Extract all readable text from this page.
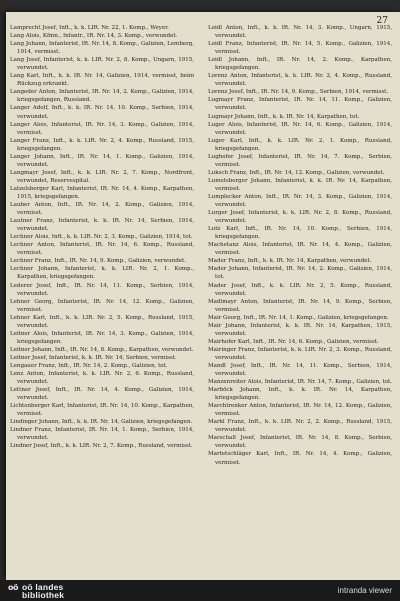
27
Lamprecht Josef, Inft., k. k. LIR. Nr. 22, 1. Komp., Weyer.
Lang Alois, Kfmn., Infantr., IR. Nr. 14, 3. Komp., verwundet.
Lang Johann, Infanterist, IR. Nr. 14, 8. Komp., Galizien, Lemberg, 1914, vermisst.
Lang Josef, Infanterist, k. k. LIR. Nr. 2, 8. Komp., Ungarn, 1915, verwundet.
Lang Karl, Inft., k. k. IR. Nr. 14, Galizien, 1914, vermisst, beim Rückzug erkrankt.
Langeder Anton, Infanterist, IR. Nr. 14, 2. Komp., Galizien, 1914, kriegsgefangen, Russland.
Langer Adolf, Inft., k. k. IR. Nr. 14, 10. Komp., Serbien, 1914, verwundet.
Langer Alois, Infanterist, IR. Nr. 14, 3. Komp., Galizien, 1914, vermisst.
Langer Franz, Inft., k. k. LIR. Nr. 2, 4. Komp., Russland, 1915, kriegsgefangen.
Langer Johann, Inft., IR. Nr. 14, 1. Komp., Galizien, 1914, verwundet.
Langmayr Josef, Inft., k. k. LIR. Nr. 2, 7. Komp., Nordfront, verwundet, Reservespital.
Latzelsberger Karl, Infanterist, IR. Nr. 14, 4. Komp., Karpathen, 1915, kriegsgefangen.
Lauber Anton, Inft., IR. Nr. 14, 2. Komp., Galizien, 1914, vermisst.
Lautner Franz, Infanterist, k. k. IR. Nr. 14, Serbien, 1914, verwundet.
Lechner Alois, Inft., k. k. LIR. Nr. 2, 3. Komp., Galizien, 1914, tot.
Lechner Anton, Infanterist, IR. Nr. 14, 6. Komp., Russland, vermisst.
Lechner Franz, Inft., IR. Nr. 14, 9. Komp., Galizien, verwundet.
Lechner Johann, Infanterist, k. k. LIR. Nr. 2, 1. Komp., Karpathen, kriegsgefangen.
Lederer Josef, Inft., IR. Nr. 14, 11. Komp., Serbien, 1914, verwundet.
Lehner Georg, Infanterist, IR. Nr. 14, 12. Komp., Galizien, vermisst.
Lehner Karl, Inft., k. k. LIR. Nr. 2, 5. Komp., Russland, 1915, verwundet.
Leitner Alois, Infanterist, IR. Nr. 14, 3. Komp., Galizien, 1914, kriegsgefangen.
Leitner Johann, Inft., IR. Nr. 14, 8. Komp., Karpathen, verwundet.
Leitner Josef, Infanterist, k. k. IR. Nr. 14, Serbien, vermisst.
Lengauer Franz, Inft., IR. Nr. 14, 2. Komp., Galizien, tot.
Lenz Anton, Infanterist, k. k. LIR. Nr. 2, 6. Komp., Russland, verwundet.
Lettner Josef, Inft., IR. Nr. 14, 4. Komp., Galizien, 1914, verwundet.
Lichtenberger Karl, Infanterist, IR. Nr. 14, 10. Komp., Karpathen, vermisst.
Lindinger Johann, Inft., k. k. IR. Nr. 14, Galizien, kriegsgefangen.
Lindner Franz, Infanterist, IR. Nr. 14, 1. Komp., Serbien, 1914, verwundet.
Lindner Josef, Inft., k. k. LIR. Nr. 2, 7. Komp., Russland, vermisst.
Loidl Anton, Inft., k. k. IR. Nr. 14, 3. Komp., Ungarn, 1915, verwundet.
Loidl Franz, Infanterist, IR. Nr. 14, 5. Komp., Galizien, 1914, vermisst.
Loidl Johann, Inft., IR. Nr. 14, 2. Komp., Karpathen, kriegsgefangen.
Lorenz Anton, Infanterist, k. k. LIR. Nr. 2, 4. Komp., Russland, verwundet.
Lorenz Josef, Inft., IR. Nr. 14, 9. Komp., Serbien, 1914, vermisst.
Lugmayr Franz, Infanterist, IR. Nr. 14, 11. Komp., Galizien, verwundet.
Lugmayr Johann, Inft., k. k. IR. Nr. 14, Karpathen, tot.
Luger Alois, Infanterist, IR. Nr. 14, 6. Komp., Galizien, 1914, verwundet.
Luger Karl, Inft., k. k. LIR. Nr. 2, 1. Komp., Russland, kriegsgefangen.
Lughofer Josef, Infanterist, IR. Nr. 14, 7. Komp., Serbien, vermisst.
Luksch Franz, Inft., IR. Nr. 14, 12. Komp., Galizien, verwundet.
Lumetsberger Johann, Infanterist, k. k. IR. Nr. 14, Karpathen, vermisst.
Lumplecker Anton, Inft., IR. Nr. 14, 3. Komp., Galizien, 1914, verwundet.
Lurger Josef, Infanterist, k. k. LIR. Nr. 2, 8. Komp., Russland, verwundet.
Lutz Karl, Inft., IR. Nr. 14, 10. Komp., Serbien, 1914, kriegsgefangen.
Machetanz Alois, Infanterist, IR. Nr. 14, 4. Komp., Galizien, vermisst.
Mader Franz, Inft., k. k. IR. Nr. 14, Karpathen, verwundet.
Mader Johann, Infanterist, IR. Nr. 14, 2. Komp., Galizien, 1914, tot.
Mader Josef, Inft., k. k. LIR. Nr. 2, 5. Komp., Russland, verwundet.
Madlmayr Anton, Infanterist, IR. Nr. 14, 9. Komp., Serbien, vermisst.
Mair Georg, Inft., IR. Nr. 14, 1. Komp., Galizien, kriegsgefangen.
Mair Johann, Infanterist, k. k. IR. Nr. 14, Karpathen, 1915, verwundet.
Mairhofer Karl, Inft., IR. Nr. 14, 6. Komp., Galizien, vermisst.
Mairinger Franz, Infanterist, k. k. LIR. Nr. 2, 3. Komp., Russland, verwundet.
Mandl Josef, Inft., IR. Nr. 14, 11. Komp., Serbien, 1914, verwundet.
Manzenreiter Alois, Infanterist, IR. Nr. 14, 7. Komp., Galizien, tot.
Marböck Johann, Inft., k. k. IR. Nr. 14, Karpathen, kriegsgefangen.
Marchtrenker Anton, Infanterist, IR. Nr. 14, 12. Komp., Galizien, vermisst.
Markl Franz, Inft., k. k. LIR. Nr. 2, 2. Komp., Russland, 1915, verwundet.
Marschall Josef, Infanterist, IR. Nr. 14, 8. Komp., Serbien, verwundet.
Martetschläger Karl, Inft., IR. Nr. 14, 4. Komp., Galizien, vermisst.
oö oö landes
bibliothek	intranda viewer
